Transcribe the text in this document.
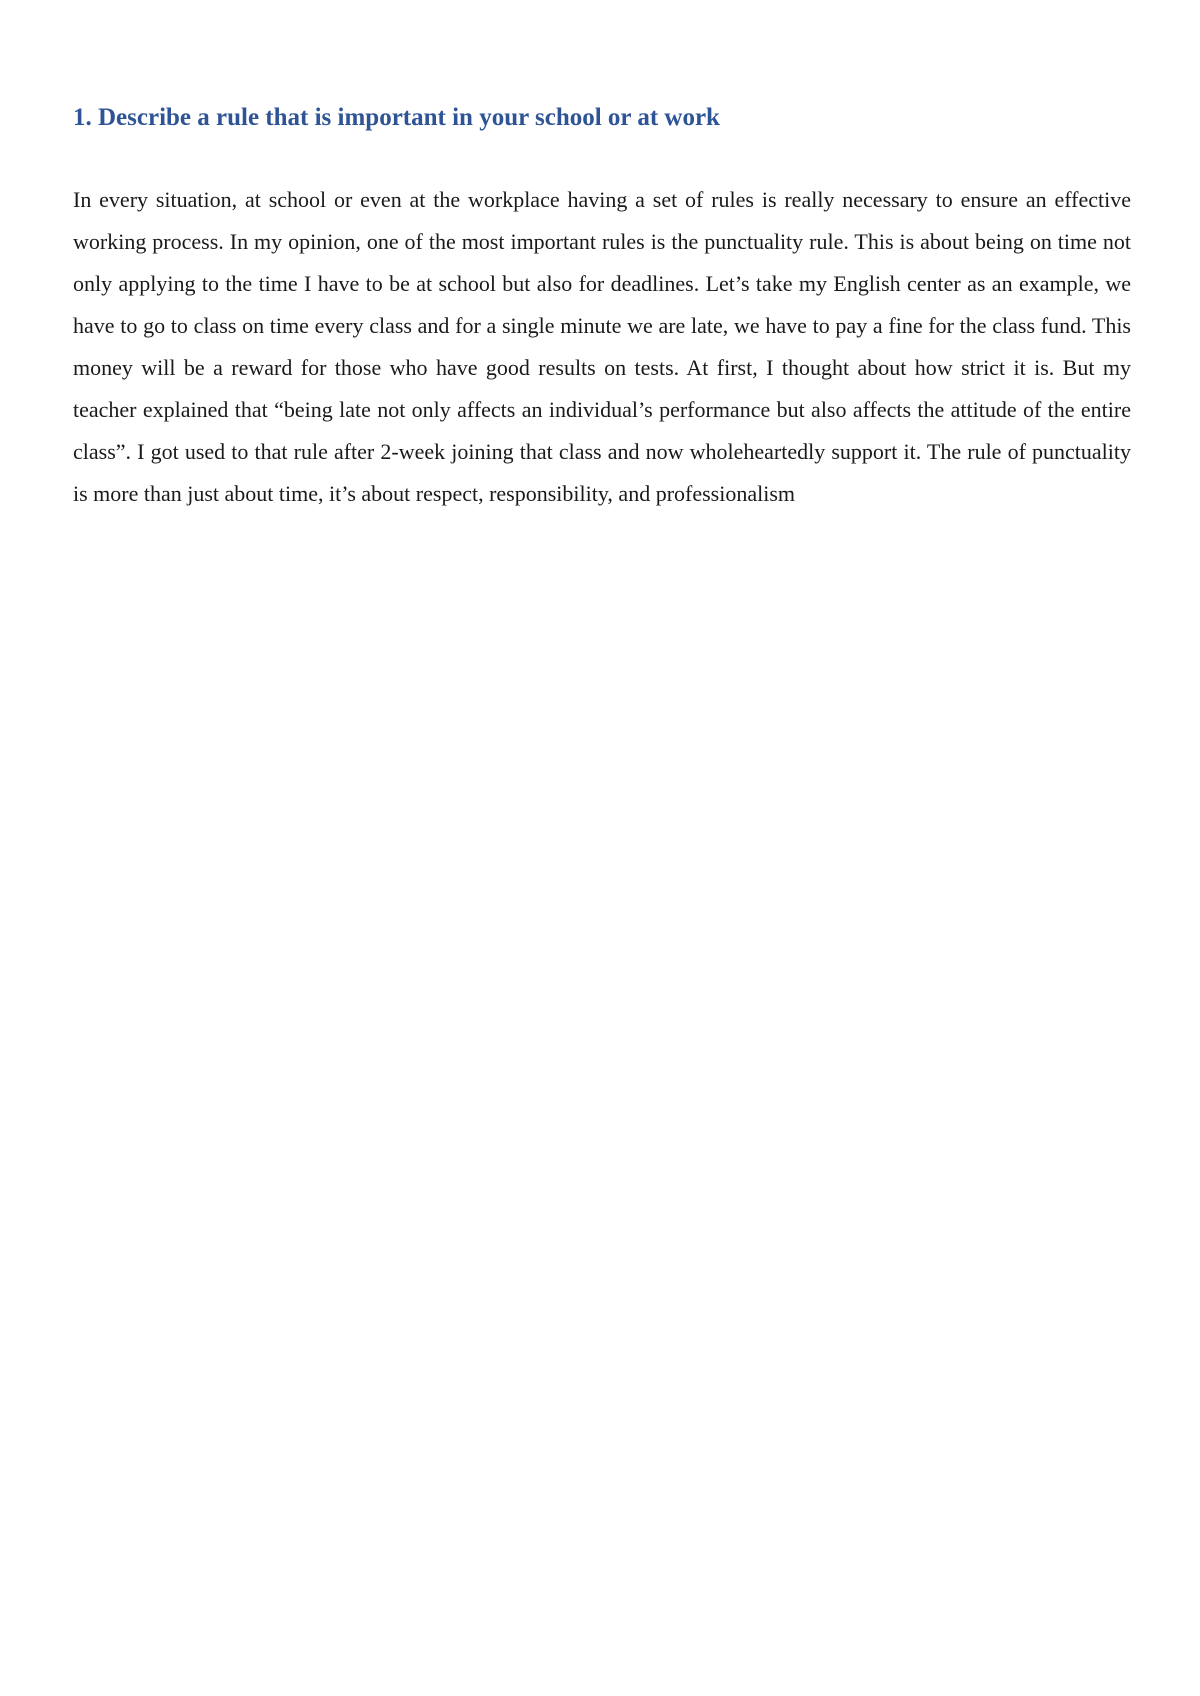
1. Describe a rule that is important in your school or at work

In every situation, at school or even at the workplace having a set of rules is really necessary to ensure an effective working process. In my opinion, one of the most important rules is the punctuality rule. This is about being on time not only applying to the time I have to be at school but also for deadlines. Let’s take my English center as an example, we have to go to class on time every class and for a single minute we are late, we have to pay a fine for the class fund. This money will be a reward for those who have good results on tests. At first, I thought about how strict it is. But my teacher explained that “being late not only affects an individual’s performance but also affects the attitude of the entire class”. I got used to that rule after 2-week joining that class and now wholeheartedly support it. The rule of punctuality is more than just about time, it’s about respect, responsibility, and professionalism
